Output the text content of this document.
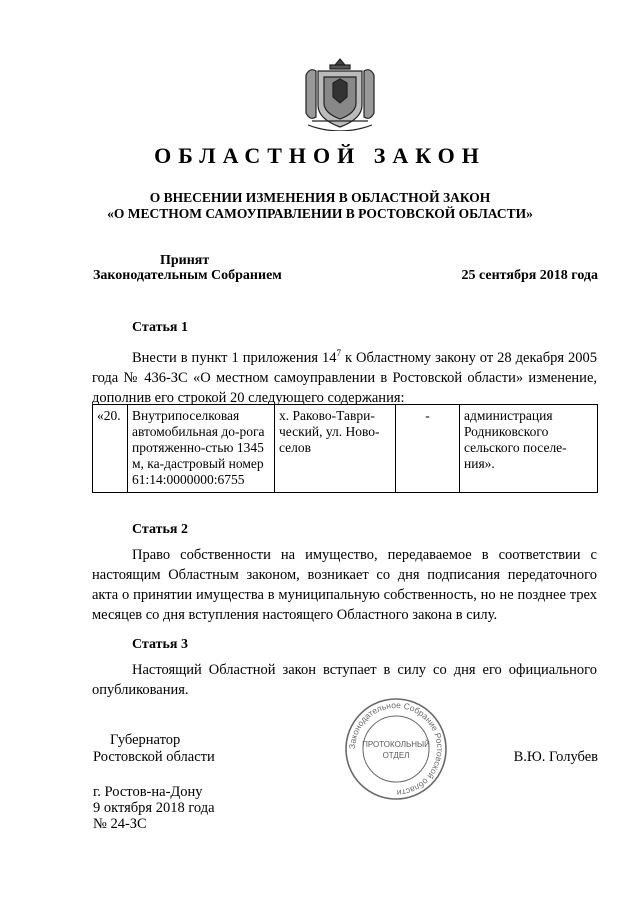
ОБЛАСТНОЙ ЗАКОН
О ВНЕСЕНИИ ИЗМЕНЕНИЯ В ОБЛАСТНОЙ ЗАКОН
«О МЕСТНОМ САМОУПРАВЛЕНИИ В РОСТОВСКОЙ ОБЛАСТИ»
Принят
Законодательным Собранием	25 сентября 2018 года
Статья 1
Внести в пункт 1 приложения $14^7$ к Областному закону от 28 декабря 2005 года № 436-ЗС «О местном самоуправлении в Ростовской области» изменение, дополнив его строкой 20 следующего содержания:
«20.	Внутрипоселковая автомобильная до-рога протяженно-стью 1345 м, ка-дастровый номер 61:14:0000000:6755	х. Раково-Таври-ческий, ул. Ново-селов	-	администрация Родниковского сельского поселе-ния».
Статья 2
Право собственности на имущество, передаваемое в соответствии с настоящим Областным законом, возникает со дня подписания передаточного акта о принятии имущества в муниципальную собственность, но не позднее трех месяцев со дня вступления настоящего Областного закона в силу.
Статья 3
Настоящий Областной закон вступает в силу со дня его официального опубликования.
Губернатор
Ростовской области	В.Ю. Голубев
Законодательное Собрание Ростовской области
ПРОТОКОЛЬНЫЙ
ОТДЕЛ
г. Ростов-на-Дону
9 октября 2018 года
№ 24-ЗС
